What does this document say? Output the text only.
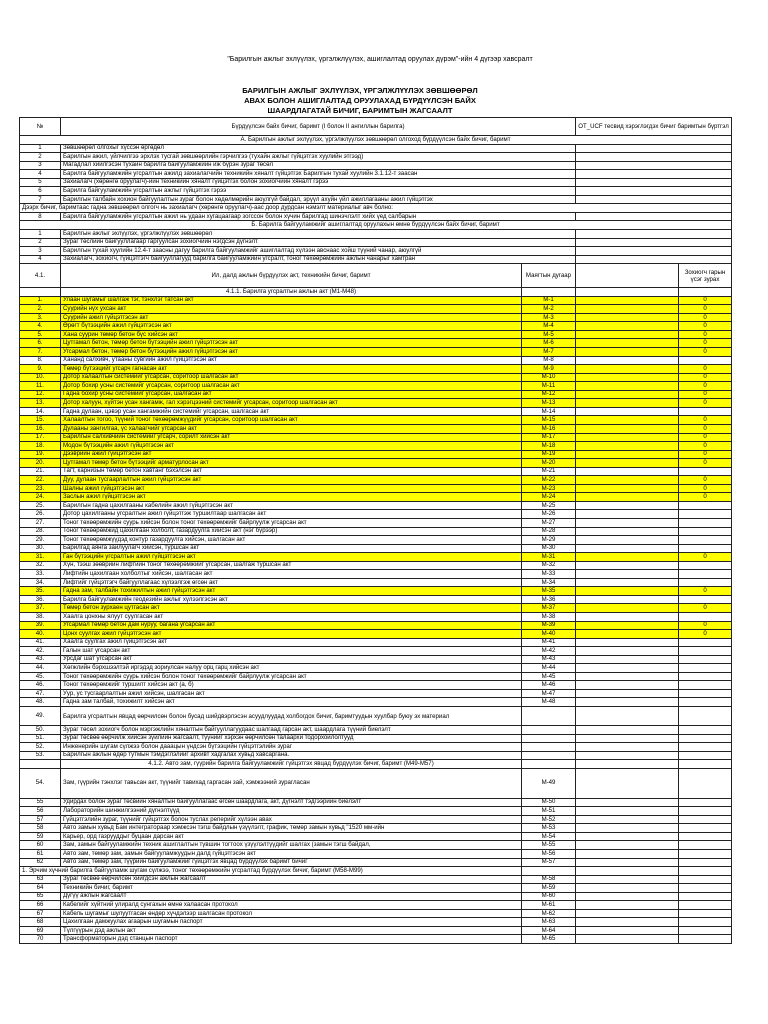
"Барилгын ажлыг эхлүүлэх, үргэлжлүүлэх, ашиглалтад оруулах дүрэм"-ийн 4 дүгээр хавсралт
БАРИЛГЫН АЖЛЫГ ЭХЛҮҮЛЭХ, ҮРГЭЛЖЛҮҮЛЭХ ЗӨВШӨӨРӨЛ
АВАХ БОЛОН АШИГЛАЛТАД ОРУУЛАХАД БҮРДҮҮЛСЭН БАЙХ
ШААРДЛАГАТАЙ БИЧИГ, БАРИМТЫН ЖАГСААЛТ
№	Бүрдүүлсэн байх бичиг, баримт (I болон II ангиллын барилга)		ОТ_UCF тесвид хэрэглэгдэх бичиг баримтын бүртгэл	
А. Барилгын ажлыг эхлүүлэх, үргэлжлүүлэх зөвшөөрөл олгоход бүрдүүлсэн байх бичиг, баримт				
1	Зөвшөөрөл олгохыг хүссэн өргөдөл			
2	Барилгын ажил, үйлчилгээ эрхлэх тусгай зөвшөөрлийн гэрчилгээ (тухайн ажлыг гүйцэтгэх хуулийн этгээд)			
3	Магадлал хийлгэсэн тухайн барилга байгууламжийн иж бүрэн зураг төсөл			
4	Барилга байгууламжийн угсралтын ажилд захиалагчийн техникийн хяналт гүйцэтгэх Барилгын тухай хуулийн 3.1.12-т заасан			
5	Захиалагч (хөрөнгө оруулагч)-ийн техникийн хяналт гүйцэтгэх болон зохиогчийн хяналт гэрээ			
6	Барилга байгууламжийн угсралтын ажлыг гүйцэтгэх гэрээ			
7	Барилгын талбайн хохион байгуулалтын зураг болон хөдөлмөрийн аюулгүй байдал, эрүүл ахуйн үйл ажиллагааны ажил гүйцэтгэх			
Дээрх бичиг, баримтаас гадна зөвшөөрөл олгогч нь захиалагч (хөрөнгө оруулагч)-аас доор дурдсан нэмэлт материалыг авч болно:				
8	Барилга байгууламжийн угсралтын ажил нь удаан хугацаагаар зогссон болон хүчин барилгад шинэчлэлт хийх үед салбарын			
Б. Барилга байгууламжийг ашиглалтад оруулахын өмнө бүрдүүлсэн байх бичиг, баримт				
1	Барилгын ажлыг эхлүүлэх, үргэлжлүүлэх зөвшөөрөл			
2	Зураг төслийн байгууллагаар гаргуулсан зохиогчийн нэгдсэн дүгнэлт			
3	Барилгын тухай хуулийн 12.4-т заасны дагуу барилга байгууламжийг ашиглалтад хүлээн авснаас хойш түүний чанар, аюулгүй			
4	Захиалагч, зохиогч, гүйцэтгэгч байгууллагууд барилга байгууламжийн угсралт, тоног төхөөрөмжийн ажлын чанарыг хамтран			
4.1.	Ил, далд ажлын бүрдүүлэх акт, техникийн бичиг, баримт	Маягтын дугаар		Зохиогч гарын үсэг зурах
	4.1.1. Барилга угсралтын ажлын акт (М1-М48)			
1.	Улаан шугамыг шалгаж тэг, тэнхлэг татсан акт	М-1		0
2.	Суурийн нүх ухсан акт	М-2		0
3.	Суурийн ажил гүйцэтгэсэн акт	М-3		0
4.	Өрөгт бүтээцийн ажил гүйцэтгэсэн акт	М-4		0
5.	Хана суурин төмөр бетон бүс хийсэн акт	М-5		0
6.	Цутгамал бетон, төмөр бетон бүтээцийн ажил гүйцэтгэсэн акт	М-6		0
7.	Угсармал бетон, төмөр бетон бүтээцийн ажил гүйцэтгэсэн акт	М-7		0
8.	Хананд салхивч, утааны сувгийн ажил гүйцэтгэсэн акт	М-8		
9.	Төмөр бүтээцийг угсарч гагнасан акт	М-9		0
10.	Дотор халаалтын системийг угсарсан, соритоор шалгасан акт	М-10		0
11.	Дотор бохир усны системийг угсарсан, соритоор шалгасан акт	М-11		0
12.	Гадна бохир усны системийг угсарсан, шалгасан акт	М-12		0
13.	Дотор халуун, хүйтэн усан хангамж, гал хэрэгцээний системийг угсарсан, соритоор шалгасан акт	М-13		0
14.	Гадна дулаан, цэвэр усан хангамжийн системийг угсарсан, шалгасан акт	М-14		
15.	Халаалтын тогоо, түүний тоног төхөөрөмжүүдийг угсарсан, соритоор шалгасан акт	М-15		0
16.	Дулааны зангилгаа, үс халаагчийг угсарсан акт	М-16		0
17.	Барилгын салхивчийн системийг угсарч, сорилт хийсэн акт	М-17		0
18.	Модон бүтээцийн ажил гүйцэтгэсэн акт	М-18		0
19.	Дээврийн ажил гүйцэтгэсэн акт	М-19		0
20.	Цутгамал төмөр бетон бүтээцийг арматурлосан акт	М-20		0
21.	Тагт, карнизын төмөр бетон хавтанг бэхэлсэн акт	М-21		
22.	Дуу, дулаан тусгаарлалтын ажил гүйцэтгэсэн акт	М-22		0
23.	Шалны ажил гүйцэтгэсэн акт	М-23		0
24.	Заслын ажил гүйцэтгэсэн акт	М-24		0
25.	Барилгын гадна цахилгааны кабелийн ажил гүйцэтгэсэн акт	М-25		
26.	Дотор цахилгааны угсралтын ажил гүйцэтгэж туршилтаар шалгасан акт	М-26		
27.	Тоног төхөөрөмжийн суурь хийсэн болон тоног төхөөрөмжийг байрлуулж угсарсан акт	М-27		
28.	Тоног төхөөрөмжид цахилгаан холболт, газардуулга хийсэн акт (нэг бүрээр)	М-28		
29.	Тоног төхөөрөмжүүдэд контур газардуулга хийсэн, шалгасан акт	М-29		
30.	Барилгад аянга зайлуулагч хийсэн, туршсан акт	М-30		
31.	Ган бүтээцийн угсралтын ажил гүйцэтгэсэн акт	М-31		0
32.	Хүн, тээш зөөврийн лифтийн тоног төхөөрөмжийг угсарсан, шалгаж туршсан акт	М-32		
33.	Лифтийн цахилгаан холболтыг хийсэн, шалгасан акт	М-33		
34.	Лифтийг гүйцэтгэгч байгууллагаас хүлээлгэж өгсөн акт	М-34		
35.	Гадна зам, талбайн тохижилтын ажил гүйцэтгэсэн акт	М-35		0
36.	Барилга байгууламжийн геодезийн ажлыг хүлээлгэсэн акт	М-36		
37.	Төмөр бетон зурхаен цутгасан акт	М-37		0
38.	Хаалга цонхны ялуут суулгасан акт	М-38		
39.	Угсармал төмөр бетон дам нуруу, багана угсарсан акт	М-39		0
40.	Цонх суулгах ажил гүйцэтгэсэн акт	М-40		0
41.	Хаалга суулгах ажил гүйцэтгэсэн акт	М-41		
42.	Галын шат угсарсан акт	М-42		
43.	Урсдаг шат угсарсан акт	М-43		
44.	Хөгжлийн бэрхшээлтэй иргэдэд зориулсан налуу орц гарц хийсэн акт	М-44		
45.	Тоног төхөөрөмжийн суурь хийсэн болон тоног төхөөрөмжийг байрлуулж угсарсан акт	М-45		
46.	Тоног төхөөрөмжийг туршилт хийсэн акт (а, б)	М-46		
47.	Уур, ус тусгаарлалтын ажил хийсэн, шалгасан акт	М-47		
48.	Гадна зам талбай, тохижилт хийсэн акт	М-48		
49.	Барилга угсралтын явцад өөрчилсөн болон бусад шийдвэрлэсэн асуудлуудад холбогдох бичиг, баримтуудын хуулбар буюу эх материал			
50.	Зураг төсөл зохиогч болон мэргэжлийн хяналтын байгууллагуудаас шалгаад гарсан акт, шаардлага түүний биелэлт			
51.	Зураг төсвөө өөрчилж хийсэн зүйлийн жагсаалт, түүнийг хэрхэн өөрчилсөн талаархи тодорхойлолтууд			
52.	Инженерийн шугам сүлжээ болон дааацын үндсэн бүтээцийн гүйцэтгэлийн зураг			
53.	Барилгын ажлын өдөр тутмын тэмдэглэлийг архивт хадгалах хувьд хавсаргана.			
	4.1.2. Авто зам, гүүрийн барилга байгууламжийг гүйцэтгэх явцад бүрдүүлэх бичиг, баримт (М49-М57)			
54.	Зам, гүүрийн тэнхлэг тавьсан акт, түүнийг тавихад гаргасан зай, хэмжээний зурагласан	М-49		
55	Удирдах болон зураг төсвийн хяналтын байгууллагаас өгсөн шаардлага, акт, дүгнэлт тэдгээрийн биелэлт	М-50		
56	Лабораторийн шинжилгээний дүгнэлтүүд	М-51		
57	Гүйцэтгэлийн зураг, түүнийг гүйцэтгэх болон туслах реперийг хүлээн авах	М-52		
58	Авто замын хувьд Бам интегратораар хэмжсэн тэгш байдлын үзүүлэлт, график, төмөр замын хувьд "1520 мм-ийн	М-53		
59	Карьер, орд газрууддыг буцаан дарсан акт	М-54		
60	Зам, замын байгууламжийн техник ашиглалтын түвшин тогтоох үзүүлэлтүүдийг шалгах (замын тэгш байдал,	М-55		
61	Авто зам, төмөр зам, замын байгууламжуудын далд гүйцэтгэсэн акт	М-56		
62	Авто зам, төмөр зам, гүүрийн байгууламжийг гүйцэтгэх явцад бүрдүүлэх баримт бичиг	М-57		
1. Эрчим хүчний барилга байгууламж шугам сүлжээ, тоног төхөөрөмжийн угсралтад бүрдүүлэх бичиг, баримт (М58-М99)				
63	Зураг төсвөө өөрчилсөн хийгдсэн ажлын жагсаалт	М-58		
64	Техникийн бичиг, баримт	М-59		
65	Дүгүү ажлын жагсаалт	М-60		
66	Кабелийг хүйтний улиралд сунгахын өмнө халаасан протокол	М-61		
67	Кабель шугамыг шулуутгасан өндөр хүчдэлээр шалгасан протокол	М-62		
68	Цахилгаан дамжуулах агаарын шугамын паспорт	М-63		
69	Түлгүүрын дэд ажлын акт	М-64		
70	Трансформаторын дэд станцын паспорт	М-65		
